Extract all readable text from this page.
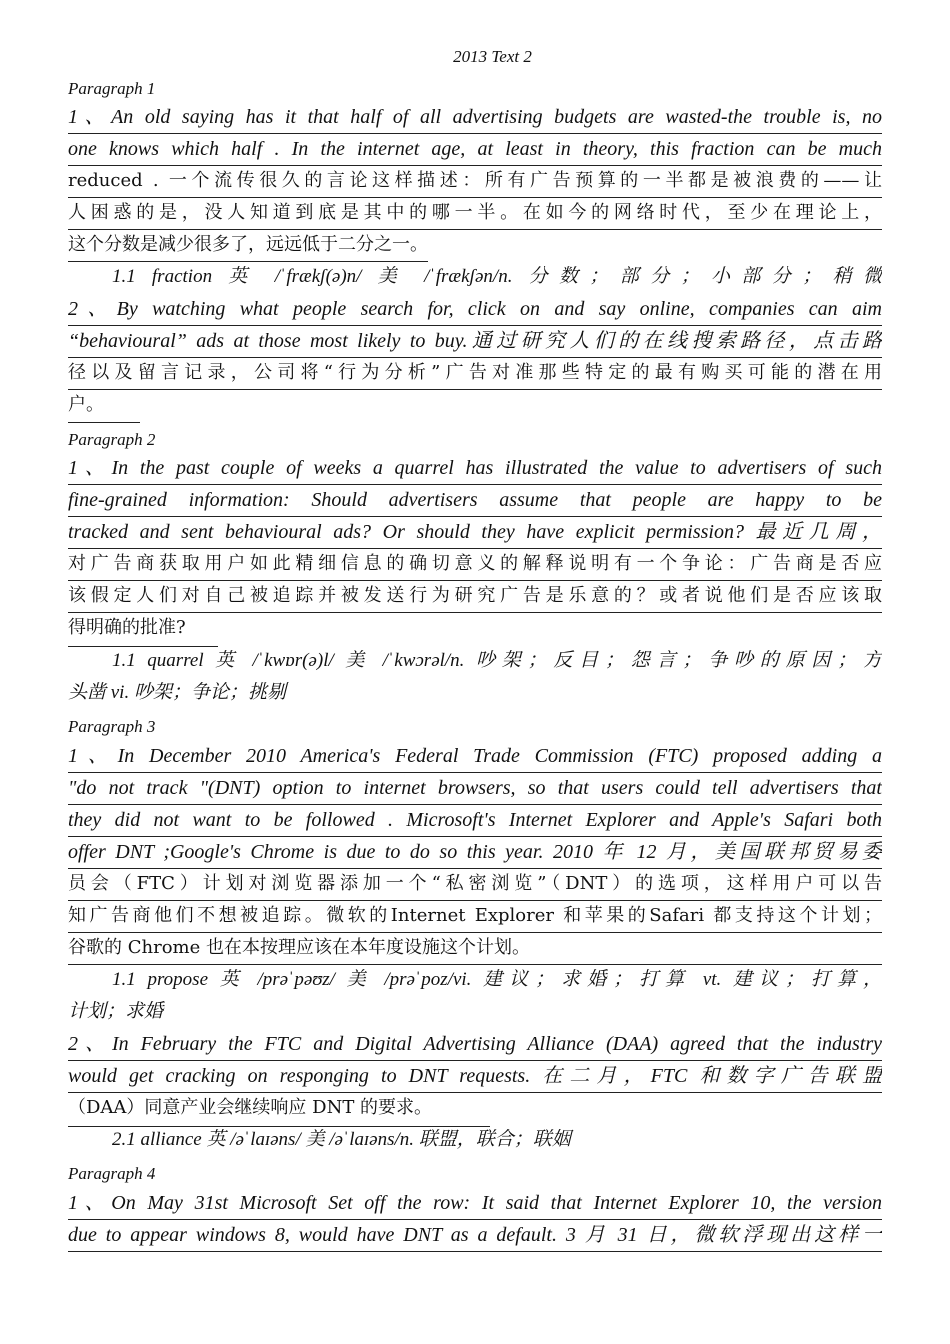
2013 Text 2
Paragraph 1
1、An old saying has it that half of all advertising budgets are wasted-the trouble is, no
one knows which half . In the internet age, at least in theory, this fraction can be much
reduced . 一个流传很久的言论这样描述：所有广告预算的一半都是被浪费的——让
人困惑的是，没人知道到底是其中的哪一半。在如今的网络时代，至少在理论上，
这个分数是减少很多了，远远低于二分之一。
1.1 fraction 英 /ˈfrækʃ(ə)n/ 美 /ˈfrækʃən/n. 分数；部分；小部分；稍微
2、By watching what people search for, click on and say online, companies can aim
“behavioural” ads at those most likely to buy.通过研究人们的在线搜索路径，点击路
径以及留言记录，公司将“行为分析”广告对准那些特定的最有购买可能的潜在用
户。
Paragraph 2
1、In the past couple of weeks a quarrel has illustrated the value to advertisers of such
fine-grained information: Should advertisers assume that people are happy to be
tracked and sent behavioural ads? Or should they have explicit permission? 最近几周，
对广告商获取用户如此精细信息的确切意义的解释说明有一个争论：广告商是否应
该假定人们对自己被追踪并被发送行为研究广告是乐意的？或者说他们是否应该取
得明确的批准?
1.1 quarrel 英 /ˈkwɒr(ə)l/ 美 /ˈkwɔrəl/n. 吵架；反目；怨言；争吵的原因；方
头凿 vi. 吵架；争论；挑剔
Paragraph 3
1、In December 2010 America's Federal Trade Commission (FTC) proposed adding a
"do not track "(DNT) option to internet browsers, so that users could tell advertisers that
they did not want to be followed . Microsoft's Internet Explorer and Apple's Safari both
offer DNT ;Google's Chrome is due to do so this year. 2010 年 12 月，美国联邦贸易委
员会（FTC）计划对浏览器添加一个“私密浏览”（DNT）的选项，这样用户可以告
知广告商他们不想被追踪。微软的Internet Explorer 和苹果的Safari 都支持这个计划；
谷歌的 Chrome 也在本按理应该在本年度设施这个计划。
1.1 propose 英 /prəˈpəʊz/ 美 /prəˈpoz/vi. 建议；求婚；打算 vt. 建议；打算，
计划；求婚
2、In February the FTC and Digital Advertising Alliance (DAA) agreed that the industry
would get cracking on responging to DNT requests. 在二月，FTC 和数字广告联盟
（DAA）同意产业会继续响应 DNT 的要求。
2.1 alliance 英 /əˈlaɪəns/ 美 /əˈlaɪəns/n. 联盟，联合；联姻
Paragraph 4
1、On May 31st Microsoft Set off the row: It said that Internet Explorer 10, the version
due to appear windows 8, would have DNT as a default. 3 月 31 日，微软浮现出这样一
